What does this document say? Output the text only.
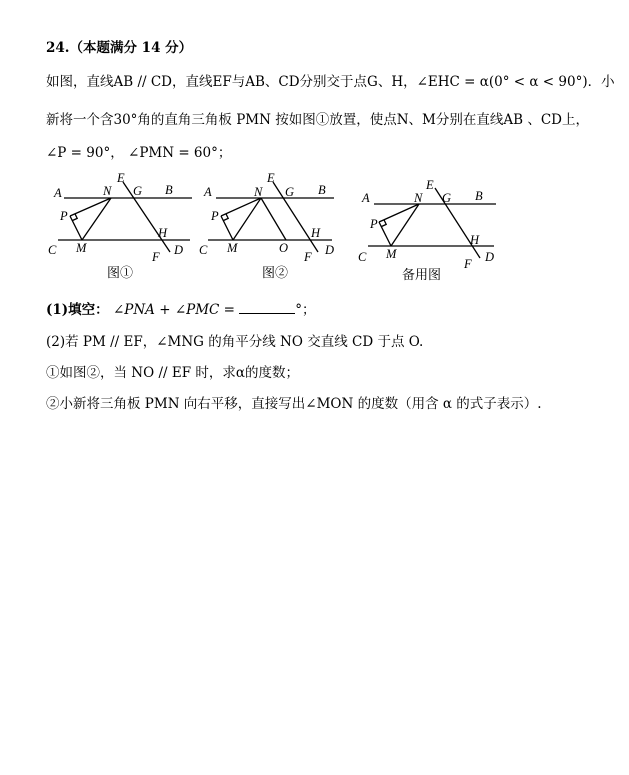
24.（本题满分 14 分）
如图，直线AB // CD，直线EF与AB、CD分别交于点G、H，∠EHC = α(0° < α < 90°)．小
新将一个含30°角的直角三角板 PMN 按如图①放置，使点N、M分别在直线AB 、CD上，
∠P = 90°， ∠PMN = 60°；
A	N
E
G B
P
C M
H
D
F
图①
A	N
E
G B
P
C M	O
H
D
F
图②
A
E
N G B
P
H
C M	D
F
备用图
(1)填空： ∠PNA + ∠PMC =	°；
(2)若 PM // EF，∠MNG 的角平分线 NO 交直线 CD 于点 O.
①如图②，当 NO // EF 时，求α的度数；
②小新将三角板 PMN 向右平移，直接写出∠MON 的度数（用含 α 的式子表示）.
